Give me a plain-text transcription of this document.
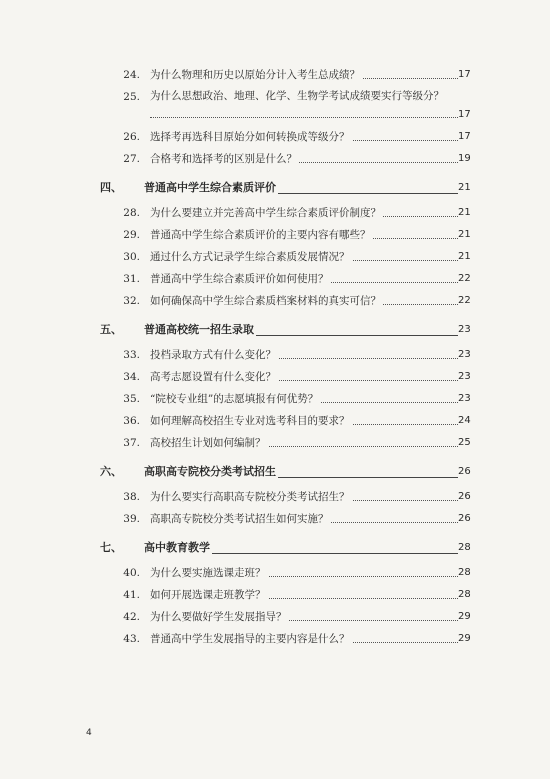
24. 为什么物理和历史以原始分计入考生总成绩？	17
25. 为什么思想政治、地理、化学、生物学考试成绩要实行等级分？
17
26. 选择考再选科目原始分如何转换成等级分？	17
27. 合格考和选择考的区别是什么？	19
四、	普通高中学生综合素质评价	21
28. 为什么要建立并完善高中学生综合素质评价制度？	21
29. 普通高中学生综合素质评价的主要内容有哪些？	21
30. 通过什么方式记录学生综合素质发展情况？	21
31. 普通高中学生综合素质评价如何使用？	22
32. 如何确保高中学生综合素质档案材料的真实可信？	22
五、	普通高校统一招生录取	23
33. 投档录取方式有什么变化？	23
34. 高考志愿设置有什么变化？	23
35. “院校专业组”的志愿填报有何优势？	23
36. 如何理解高校招生专业对选考科目的要求？	24
37. 高校招生计划如何编制？	25
六、	高职高专院校分类考试招生	26
38. 为什么要实行高职高专院校分类考试招生？	26
39. 高职高专院校分类考试招生如何实施？	26
七、	高中教育教学	28
40. 为什么要实施选课走班？	28
41. 如何开展选课走班教学？	28
42. 为什么要做好学生发展指导？	29
43. 普通高中学生发展指导的主要内容是什么？	29
4
